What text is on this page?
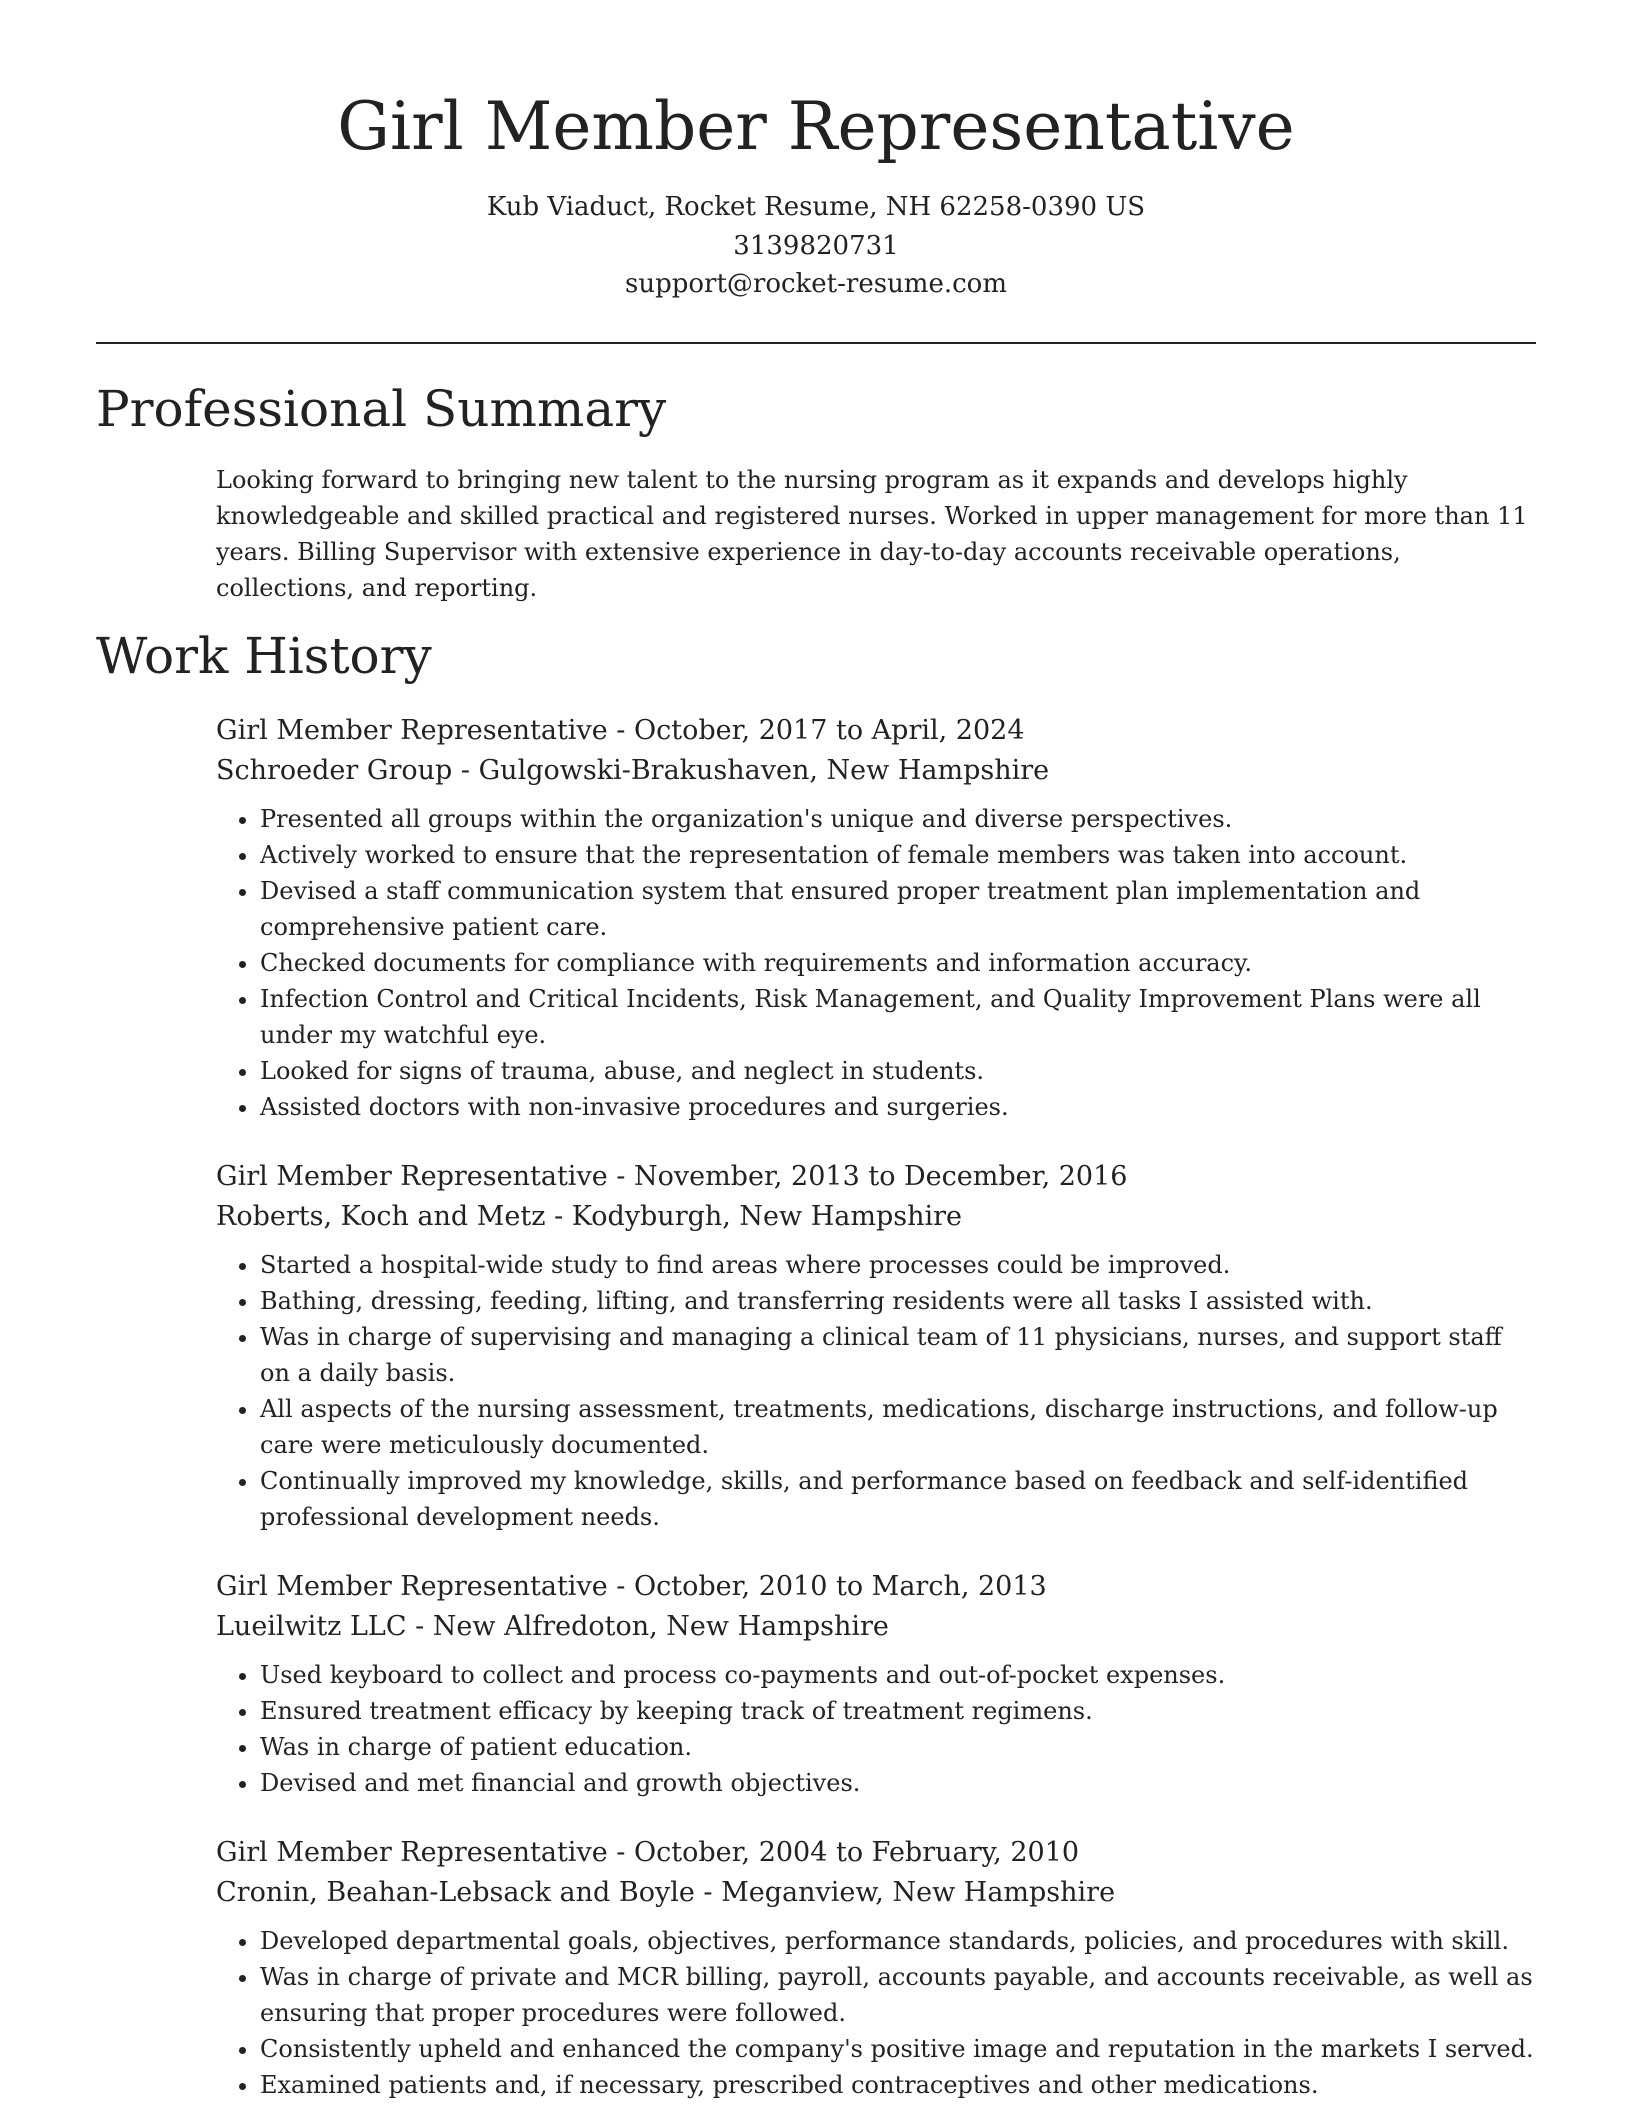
Girl Member Representative

Kub Viaduct, Rocket Resume, NH 62258-0390 US

3139820731

support@rocket-resume.com

Professional Summary

Looking forward to bringing new talent to the nursing program as it expands and develops highly knowledgeable and skilled practical and registered nurses. Worked in upper management for more than 11 years. Billing Supervisor with extensive experience in day-to-day accounts receivable operations, collections, and reporting.

Work History

Girl Member Representative - October, 2017 to April, 2024

Schroeder Group - Gulgowski-Brakushaven, New Hampshire

• Presented all groups within the organization's unique and diverse perspectives.
• Actively worked to ensure that the representation of female members was taken into account.
• Devised a staff communication system that ensured proper treatment plan implementation and comprehensive patient care.
• Checked documents for compliance with requirements and information accuracy.
• Infection Control and Critical Incidents, Risk Management, and Quality Improvement Plans were all under my watchful eye.
• Looked for signs of trauma, abuse, and neglect in students.
• Assisted doctors with non-invasive procedures and surgeries.

Girl Member Representative - November, 2013 to December, 2016

Roberts, Koch and Metz - Kodyburgh, New Hampshire

• Started a hospital-wide study to find areas where processes could be improved.
• Bathing, dressing, feeding, lifting, and transferring residents were all tasks I assisted with.
• Was in charge of supervising and managing a clinical team of 11 physicians, nurses, and support staff on a daily basis.
• All aspects of the nursing assessment, treatments, medications, discharge instructions, and follow-up care were meticulously documented.
• Continually improved my knowledge, skills, and performance based on feedback and self-identified professional development needs.

Girl Member Representative - October, 2010 to March, 2013

Lueilwitz LLC - New Alfredoton, New Hampshire

• Used keyboard to collect and process co-payments and out-of-pocket expenses.
• Ensured treatment efficacy by keeping track of treatment regimens.
• Was in charge of patient education.
• Devised and met financial and growth objectives.

Girl Member Representative - October, 2004 to February, 2010

Cronin, Beahan-Lebsack and Boyle - Meganview, New Hampshire

• Developed departmental goals, objectives, performance standards, policies, and procedures with skill.
• Was in charge of private and MCR billing, payroll, accounts payable, and accounts receivable, as well as ensuring that proper procedures were followed.
• Consistently upheld and enhanced the company's positive image and reputation in the markets I served.
• Examined patients and, if necessary, prescribed contraceptives and other medications.
